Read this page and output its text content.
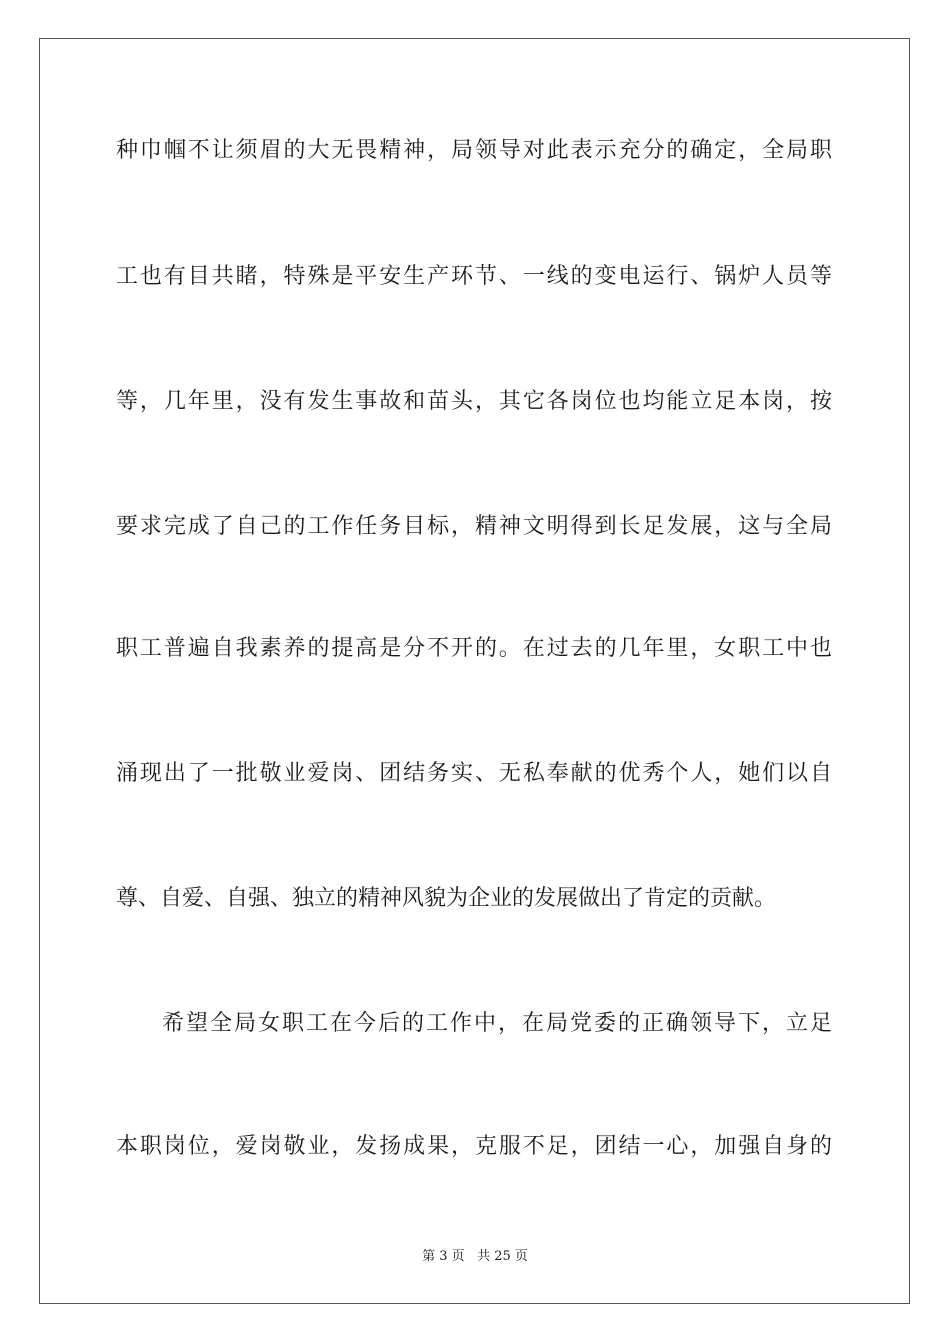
种巾帼不让须眉的大无畏精神，局领导对此表示充分的确定，全局职
工也有目共睹，特殊是平安生产环节、一线的变电运行、锅炉人员等
等，几年里，没有发生事故和苗头，其它各岗位也均能立足本岗，按
要求完成了自己的工作任务目标，精神文明得到长足发展，这与全局
职工普遍自我素养的提高是分不开的。在过去的几年里，女职工中也
涌现出了一批敬业爱岗、团结务实、无私奉献的优秀个人，她们以自
尊、自爱、自强、独立的精神风貌为企业的发展做出了肯定的贡献。
希望全局女职工在今后的工作中，在局党委的正确领导下，立足
本职岗位，爱岗敬业，发扬成果，克服不足，团结一心，加强自身的
第 3 页 共 25 页
